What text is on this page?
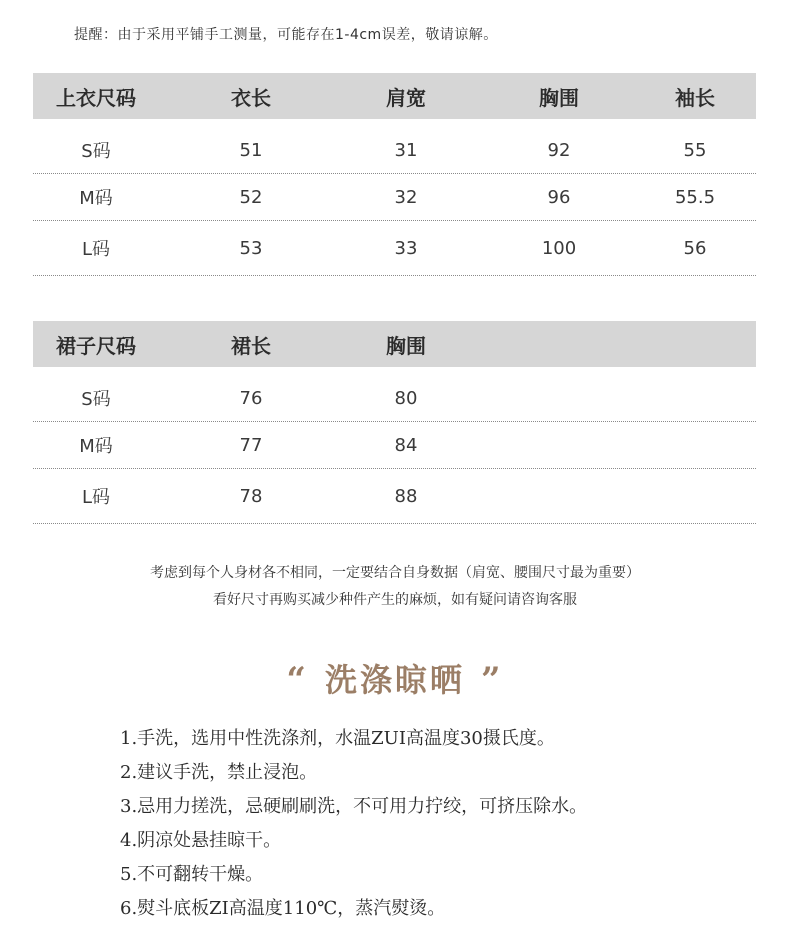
提醒：由于采用平铺手工测量，可能存在1-4cm误差，敬请谅解。
上衣尺码	衣长	肩宽	胸围	袖长
S码	51	31	92	55
M码	52	32	96	55.5
L码	53	33	100	56
裙子尺码	裙长	胸围
S码	76	80
M码	77	84
L码	78	88
考虑到每个人身材各不相同，一定要结合自身数据（肩宽、腰围尺寸最为重要）
看好尺寸再购买减少种件产生的麻烦，如有疑问请咨询客服
“ 洗涤晾晒 ”
1.手洗，选用中性洗涤剂，水温ZUI高温度30摄氏度。
2.建议手洗，禁止浸泡。
3.忌用力搓洗，忌硬刷刷洗，不可用力拧绞，可挤压除水。
4.阴凉处悬挂晾干。
5.不可翻转干燥。
6.熨斗底板ZI高温度110℃，蒸汽熨烫。
